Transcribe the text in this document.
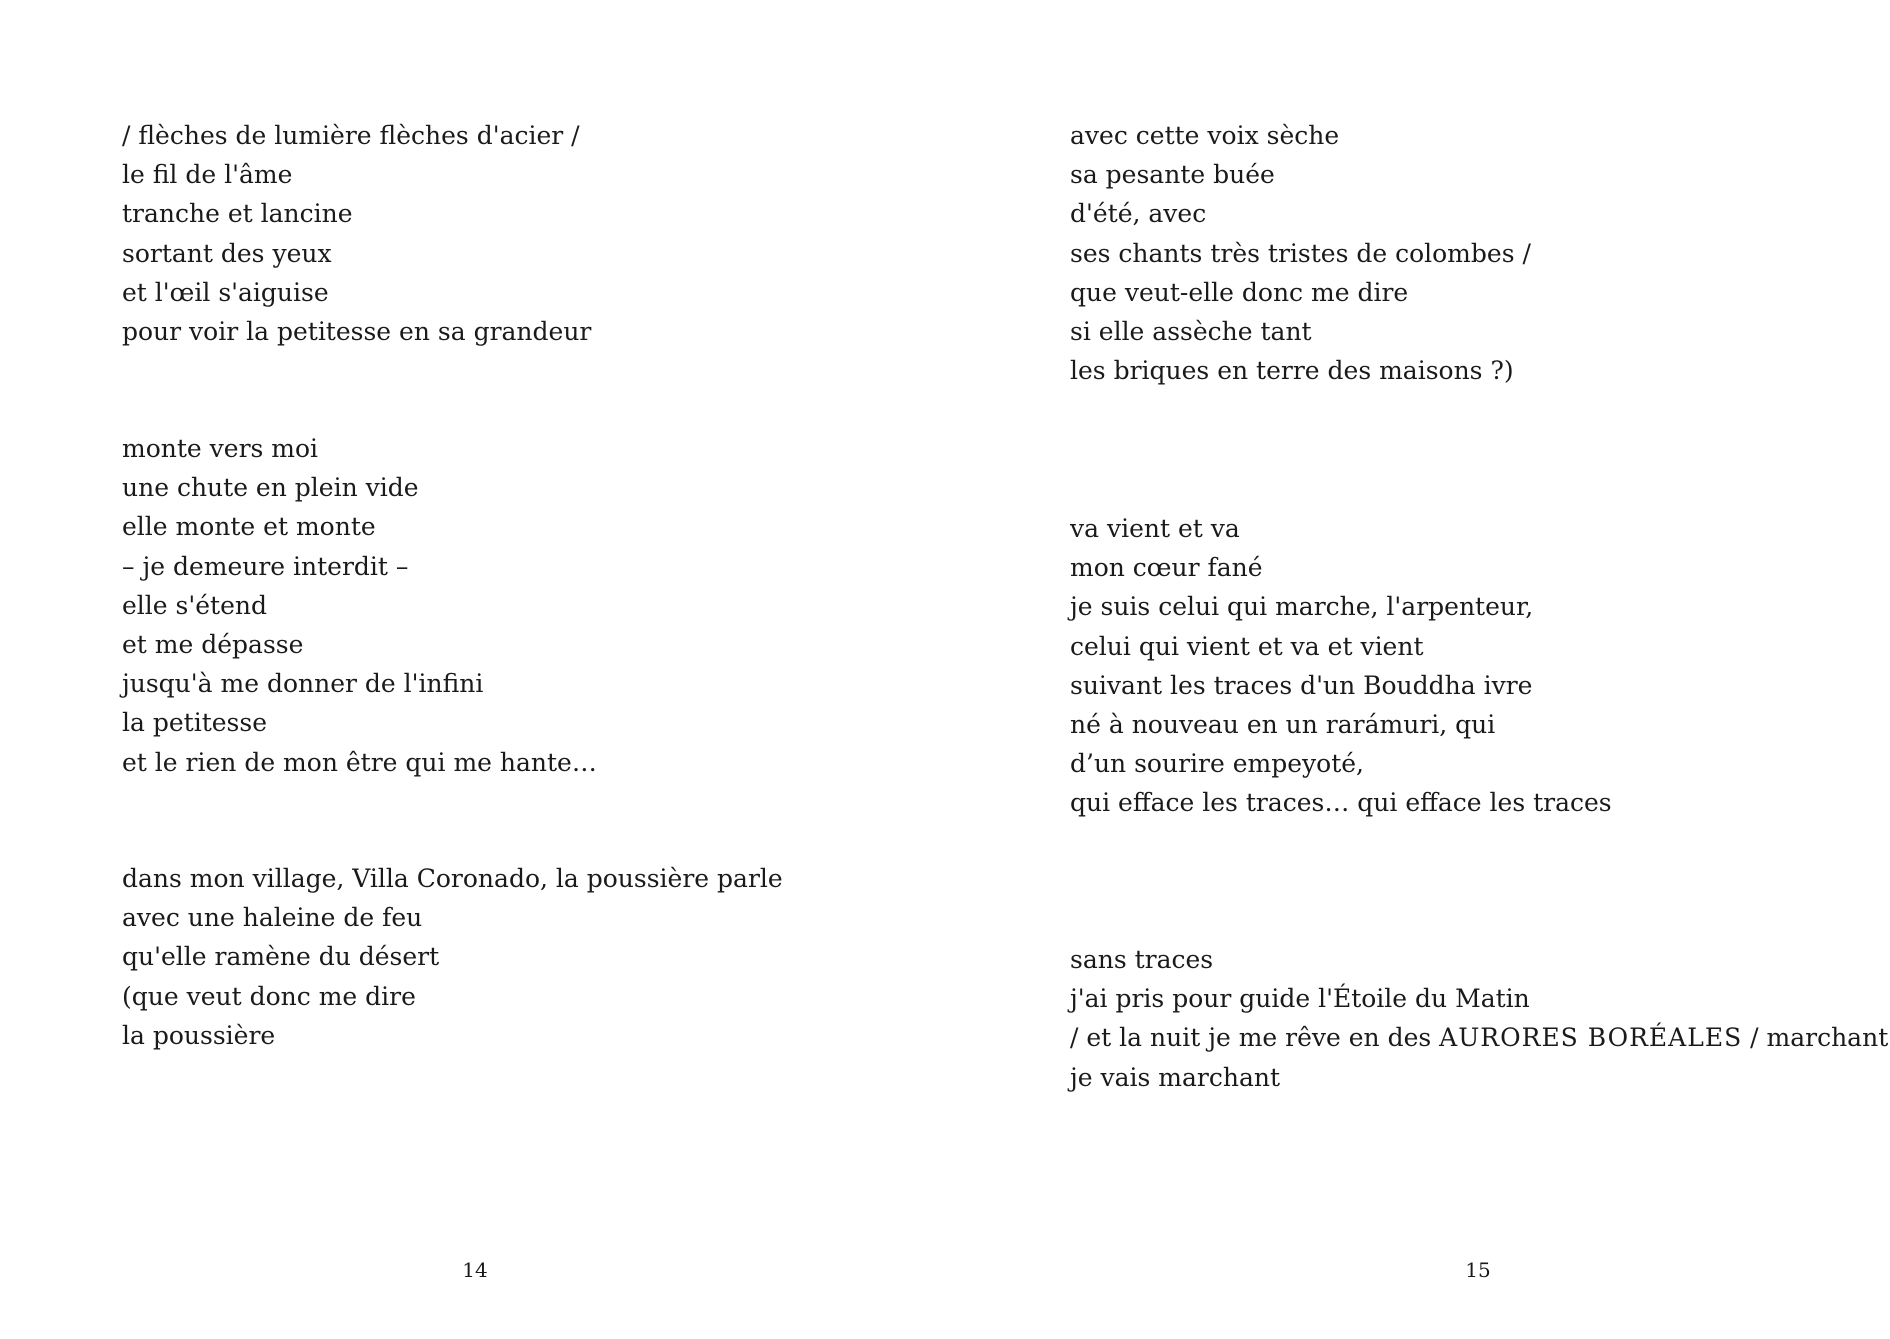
/ flèches de lumière flèches d'acier /
le fil de l'âme
tranche et lancine
sortant des yeux
et l'œil s'aiguise
pour voir la petitesse en sa grandeur
monte vers moi
une chute en plein vide
elle monte et monte
– je demeure interdit –
elle s'étend
et me dépasse
jusqu'à me donner de l'infini
la petitesse
et le rien de mon être qui me hante…
dans mon village, Villa Coronado, la poussière parle
avec une haleine de feu
qu'elle ramène du désert
(que veut donc me dire
la poussière
14
avec cette voix sèche
sa pesante buée
d'été, avec
ses chants très tristes de colombes /
que veut-elle donc me dire
si elle assèche tant
les briques en terre des maisons ?)
va vient et va
mon cœur fané
je suis celui qui marche, l'arpenteur,
celui qui vient et va et vient
suivant les traces d'un Bouddha ivre
né à nouveau en un rarámuri, qui
d’un sourire empeyoté,
qui efface les traces… qui efface les traces
sans traces
j'ai pris pour guide l'Étoile du Matin
/ et la nuit je me rêve en des AURORES BORÉALES / marchant
je vais marchant
15
